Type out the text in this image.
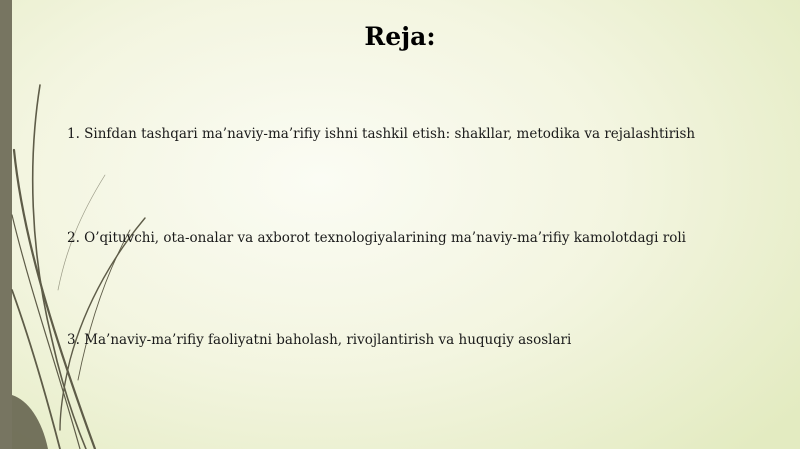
Reja:
1. Sinfdan tashqari ma’naviy-ma’rifiy ishni tashkil etish: shakllar, metodika va rejalashtirish
2. O’qituvchi, ota-onalar va axborot texnologiyalarining ma’naviy-ma’rifiy kamolotdagi roli
3. Ma’naviy-ma’rifiy faoliyatni baholash, rivojlantirish va huquqiy asoslari
